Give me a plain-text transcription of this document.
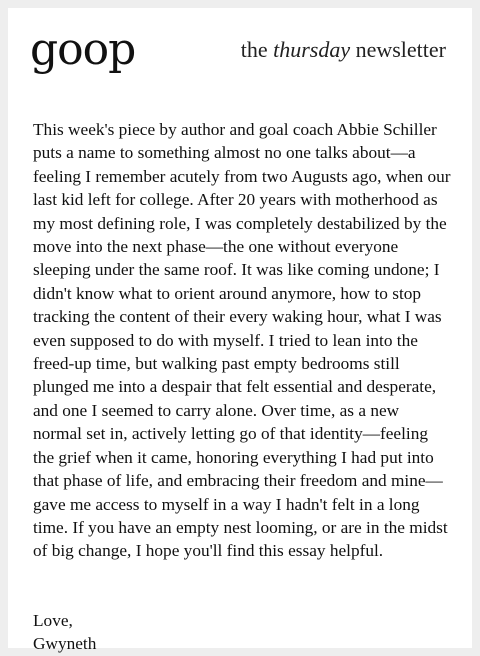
goop	the thursday newsletter
This week's piece by author and goal coach Abbie Schiller puts a name to something almost no one talks about—a feeling I remember acutely from two Augusts ago, when our last kid left for college. After 20 years with motherhood as my most defining role, I was completely destabilized by the move into the next phase—the one without everyone sleeping under the same roof. It was like coming undone; I didn't know what to orient around anymore, how to stop tracking the content of their every waking hour, what I was even supposed to do with myself. I tried to lean into the freed-up time, but walking past empty bedrooms still plunged me into a despair that felt essential and desperate, and one I seemed to carry alone. Over time, as a new normal set in, actively letting go of that identity—feeling the grief when it came, honoring everything I had put into that phase of life, and embracing their freedom and mine—gave me access to myself in a way I hadn't felt in a long time. If you have an empty nest looming, or are in the midst of big change, I hope you'll find this essay helpful.
Love,
Gwyneth
